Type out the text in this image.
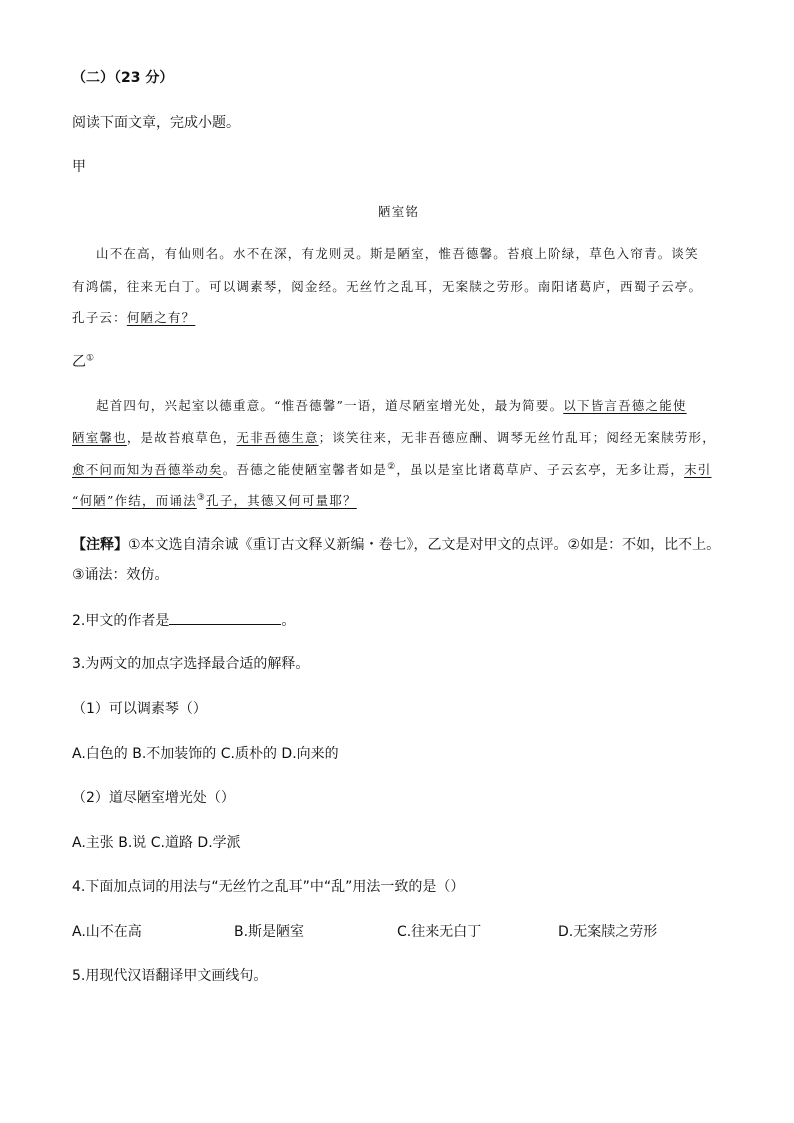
（二）（23 分）
阅读下面文章，完成小题。
甲
陋室铭
山不在高，有仙则名。水不在深，有龙则灵。斯是陋室，惟吾德馨。苔痕上阶绿，草色入帘青。谈笑
有鸿儒，往来无白丁。可以调素琴，阅金经。无丝竹之乱耳，无案牍之劳形。南阳诸葛庐，西蜀子云亭。
孔子云：何陋之有？
乙①
起首四句，兴起室以德重意。“惟吾德馨”一语，道尽陋室增光处，最为简要。以下皆言吾德之能使
陋室馨也，是故苔痕草色，无非吾德生意；谈笑往来，无非吾德应酬、调琴无丝竹乱耳；阅经无案牍劳形，
愈不问而知为吾德举动矣。吾德之能使陋室馨者如是②，虽以是室比诸葛草庐、子云玄亭，无多让焉，末引
“何陋”作结，而诵法③孔子，其德又何可量耶？
【注释】①本文选自清余诚《重订古文释义新编・卷七》，乙文是对甲文的点评。②如是：不如，比不上。
③诵法：效仿。
2.甲文的作者是	。
3.为两文的加点字选择最合适的解释。
（1）可以调素琴（）
A.白色的 B.不加装饰的 C.质朴的 D.向来的
（2）道尽陋室增光处（）
A.主张 B.说 C.道路 D.学派
4.下面加点词的用法与“无丝竹之乱耳”中“乱”用法一致的是（）
A.山不在高	B.斯是陋室	C.往来无白丁	D.无案牍之劳形
5.用现代汉语翻译甲文画线句。
